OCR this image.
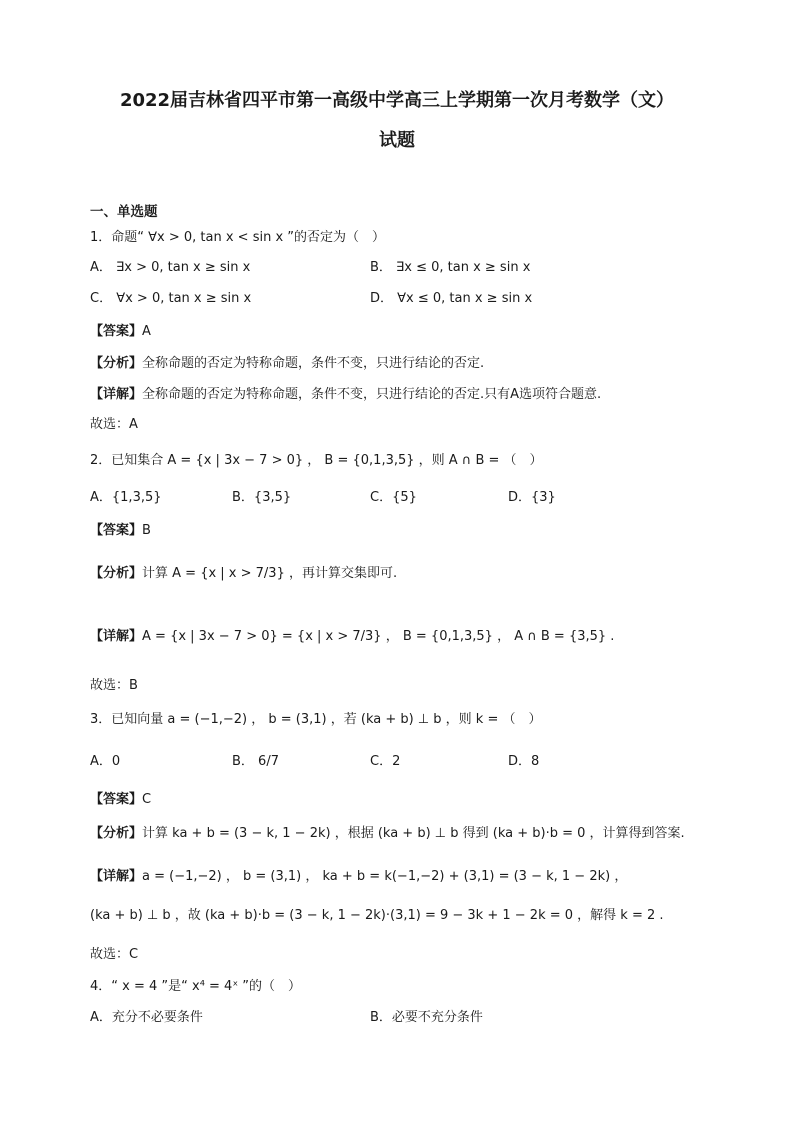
2022届吉林省四平市第一高级中学高三上学期第一次月考数学（文）
试题
一、单选题
1．命题“ ∀x > 0, tan x < sin x ”的否定为（　）
A． ∃x > 0, tan x ≥ sin x	B． ∃x ≤ 0, tan x ≥ sin x
C． ∀x > 0, tan x ≥ sin x	D． ∀x ≤ 0, tan x ≥ sin x
【答案】A
【分析】全称命题的否定为特称命题，条件不变，只进行结论的否定.
【详解】全称命题的否定为特称命题，条件不变，只进行结论的否定.只有A选项符合题意.
故选：A
2．已知集合 A = {x | 3x − 7 > 0} ， B = {0,1,3,5} ，则 A ∩ B = （　）
A．{1,3,5}	B．{3,5}	C．{5}	D．{3}
【答案】B
【分析】计算 A = {x | x > 7/3} ，再计算交集即可.
【详解】A = {x | 3x − 7 > 0} = {x | x > 7/3} ， B = {0,1,3,5} ， A ∩ B = {3,5} .
故选：B
3．已知向量 a = (−1,−2) ， b = (3,1) ，若 (ka + b) ⊥ b ，则 k = （　）
A．0	B． 6/7	C．2	D．8
【答案】C
【分析】计算 ka + b = (3 − k, 1 − 2k) ，根据 (ka + b) ⊥ b 得到 (ka + b)·b = 0 ，计算得到答案.
【详解】a = (−1,−2) ， b = (3,1) ， ka + b = k(−1,−2) + (3,1) = (3 − k, 1 − 2k) ，
(ka + b) ⊥ b ，故 (ka + b)·b = (3 − k, 1 − 2k)·(3,1) = 9 − 3k + 1 − 2k = 0 ，解得 k = 2 .
故选：C
4．“ x = 4 ”是“ x⁴ = 4ˣ ”的（　）
A．充分不必要条件	B．必要不充分条件
